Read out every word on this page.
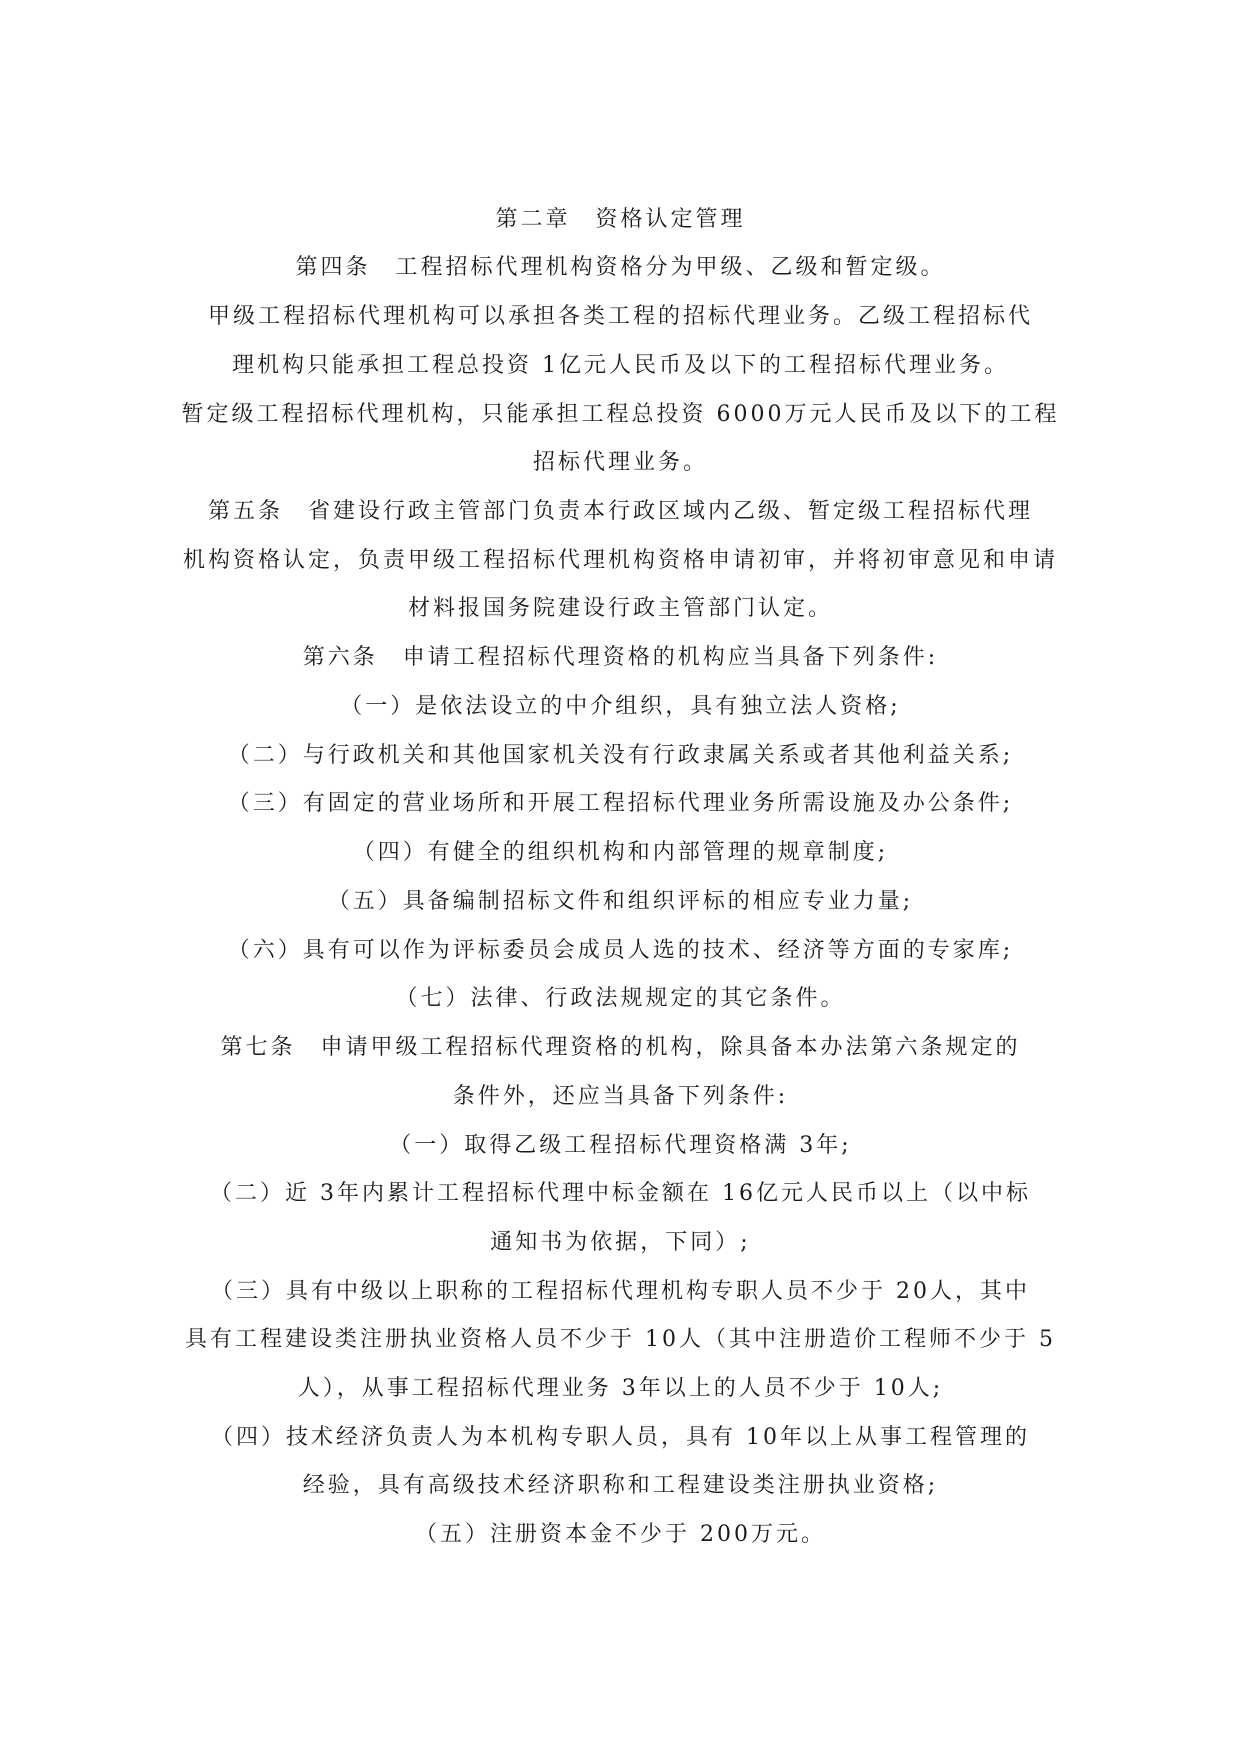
第二章　资格认定管理
第四条　工程招标代理机构资格分为甲级、乙级和暂定级。
甲级工程招标代理机构可以承担各类工程的招标代理业务。乙级工程招标代
理机构只能承担工程总投资 1亿元人民币及以下的工程招标代理业务。
暂定级工程招标代理机构，只能承担工程总投资 6000万元人民币及以下的工程
招标代理业务。
第五条　省建设行政主管部门负责本行政区域内乙级、暂定级工程招标代理
机构资格认定，负责甲级工程招标代理机构资格申请初审，并将初审意见和申请
材料报国务院建设行政主管部门认定。
第六条　申请工程招标代理资格的机构应当具备下列条件:
（一）是依法设立的中介组织，具有独立法人资格;
（二）与行政机关和其他国家机关没有行政隶属关系或者其他利益关系;
（三）有固定的营业场所和开展工程招标代理业务所需设施及办公条件;
（四）有健全的组织机构和内部管理的规章制度;
（五）具备编制招标文件和组织评标的相应专业力量;
（六）具有可以作为评标委员会成员人选的技术、经济等方面的专家库;
（七）法律、行政法规规定的其它条件。
第七条　申请甲级工程招标代理资格的机构，除具备本办法第六条规定的
条件外，还应当具备下列条件:
（一）取得乙级工程招标代理资格满 3年;
（二）近 3年内累计工程招标代理中标金额在 16亿元人民币以上（以中标
通知书为依据，下同）;
（三）具有中级以上职称的工程招标代理机构专职人员不少于 20人，其中
具有工程建设类注册执业资格人员不少于 10人（其中注册造价工程师不少于 5
人），从事工程招标代理业务 3年以上的人员不少于 10人;
（四）技术经济负责人为本机构专职人员，具有 10年以上从事工程管理的
经验，具有高级技术经济职称和工程建设类注册执业资格;
（五）注册资本金不少于 200万元。
